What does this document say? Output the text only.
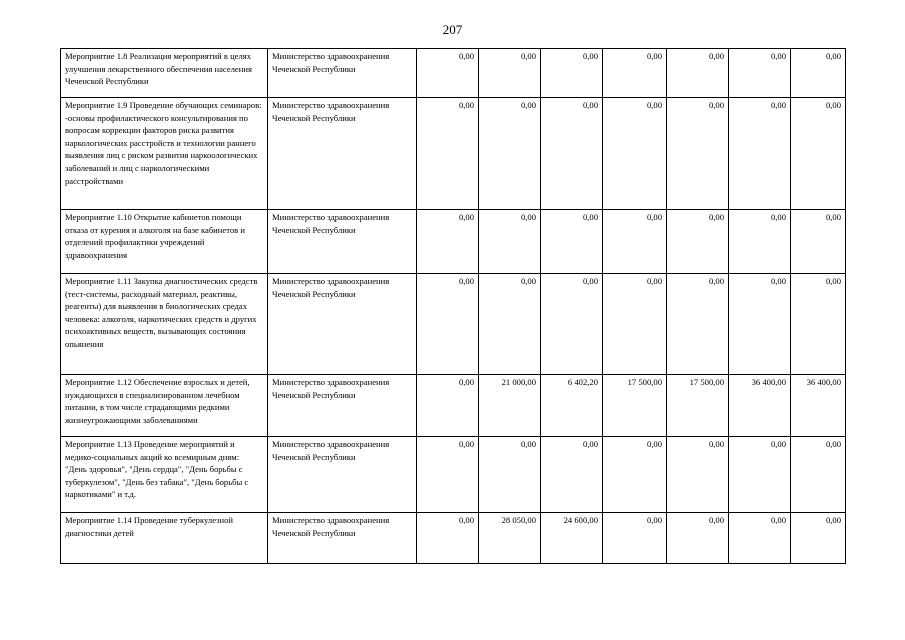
207
Мероприятие 1.8 Реализация мероприятий в целях улучшения лекарственного обеспечения населения Чеченской Республики	Министерство здравоохранения Чеченской Республики	0,00	0,00	0,00	0,00	0,00	0,00	0,00
Мероприятие 1.9 Проведение обучающих семинаров: -основы профилактического консультирования по вопросам коррекции факторов риска развития наркологических расстройств и технологии раннего выявления лиц с риском развития наркоологических заболеваний и лиц с наркологическими расстройствами	Министерство здравоохранения Чеченской Республики	0,00	0,00	0,00	0,00	0,00	0,00	0,00
Мероприятие 1.10 Открытие кабинетов помощи отказа от курения и алкоголя на базе кабинетов и отделений профилактики учреждений здравоохранения	Министерство здравоохранения Чеченской Республики	0,00	0,00	0,00	0,00	0,00	0,00	0,00
Мероприятие 1.11 Закупка диагностических средств (тест-системы, расходный материал, реактивы, реагенты) для выявления в биологических средах человека: алкоголя, наркотических средств и других психоактивных веществ, вызывающих состояния опьянения	Министерство здравоохранения Чеченской Республики	0,00	0,00	0,00	0,00	0,00	0,00	0,00
Мероприятие 1.12 Обеспечение взрослых и детей, нуждающихся в специализированном лечебном питании, в том числе страдающими редкими жизнеугрожающими заболеваниями	Министерство здравоохранения Чеченской Республики	0,00	21 000,00	6 402,20	17 500,00	17 500,00	36 400,00	36 400,00
Мероприятие 1.13 Проведение мероприятий и медико-социальных акций ко всемирным дням: "День здоровья", "День сердца", "День борьбы с туберкулезом", "День без табака", "День борьбы с наркотиками" и т.д.	Министерство здравоохранения Чеченской Республики	0,00	0,00	0,00	0,00	0,00	0,00	0,00
Мероприятие 1.14 Проведение туберкулезной диагностики детей	Министерство здравоохранения Чеченской Республики	0,00	28 050,00	24 600,00	0,00	0,00	0,00	0,00
